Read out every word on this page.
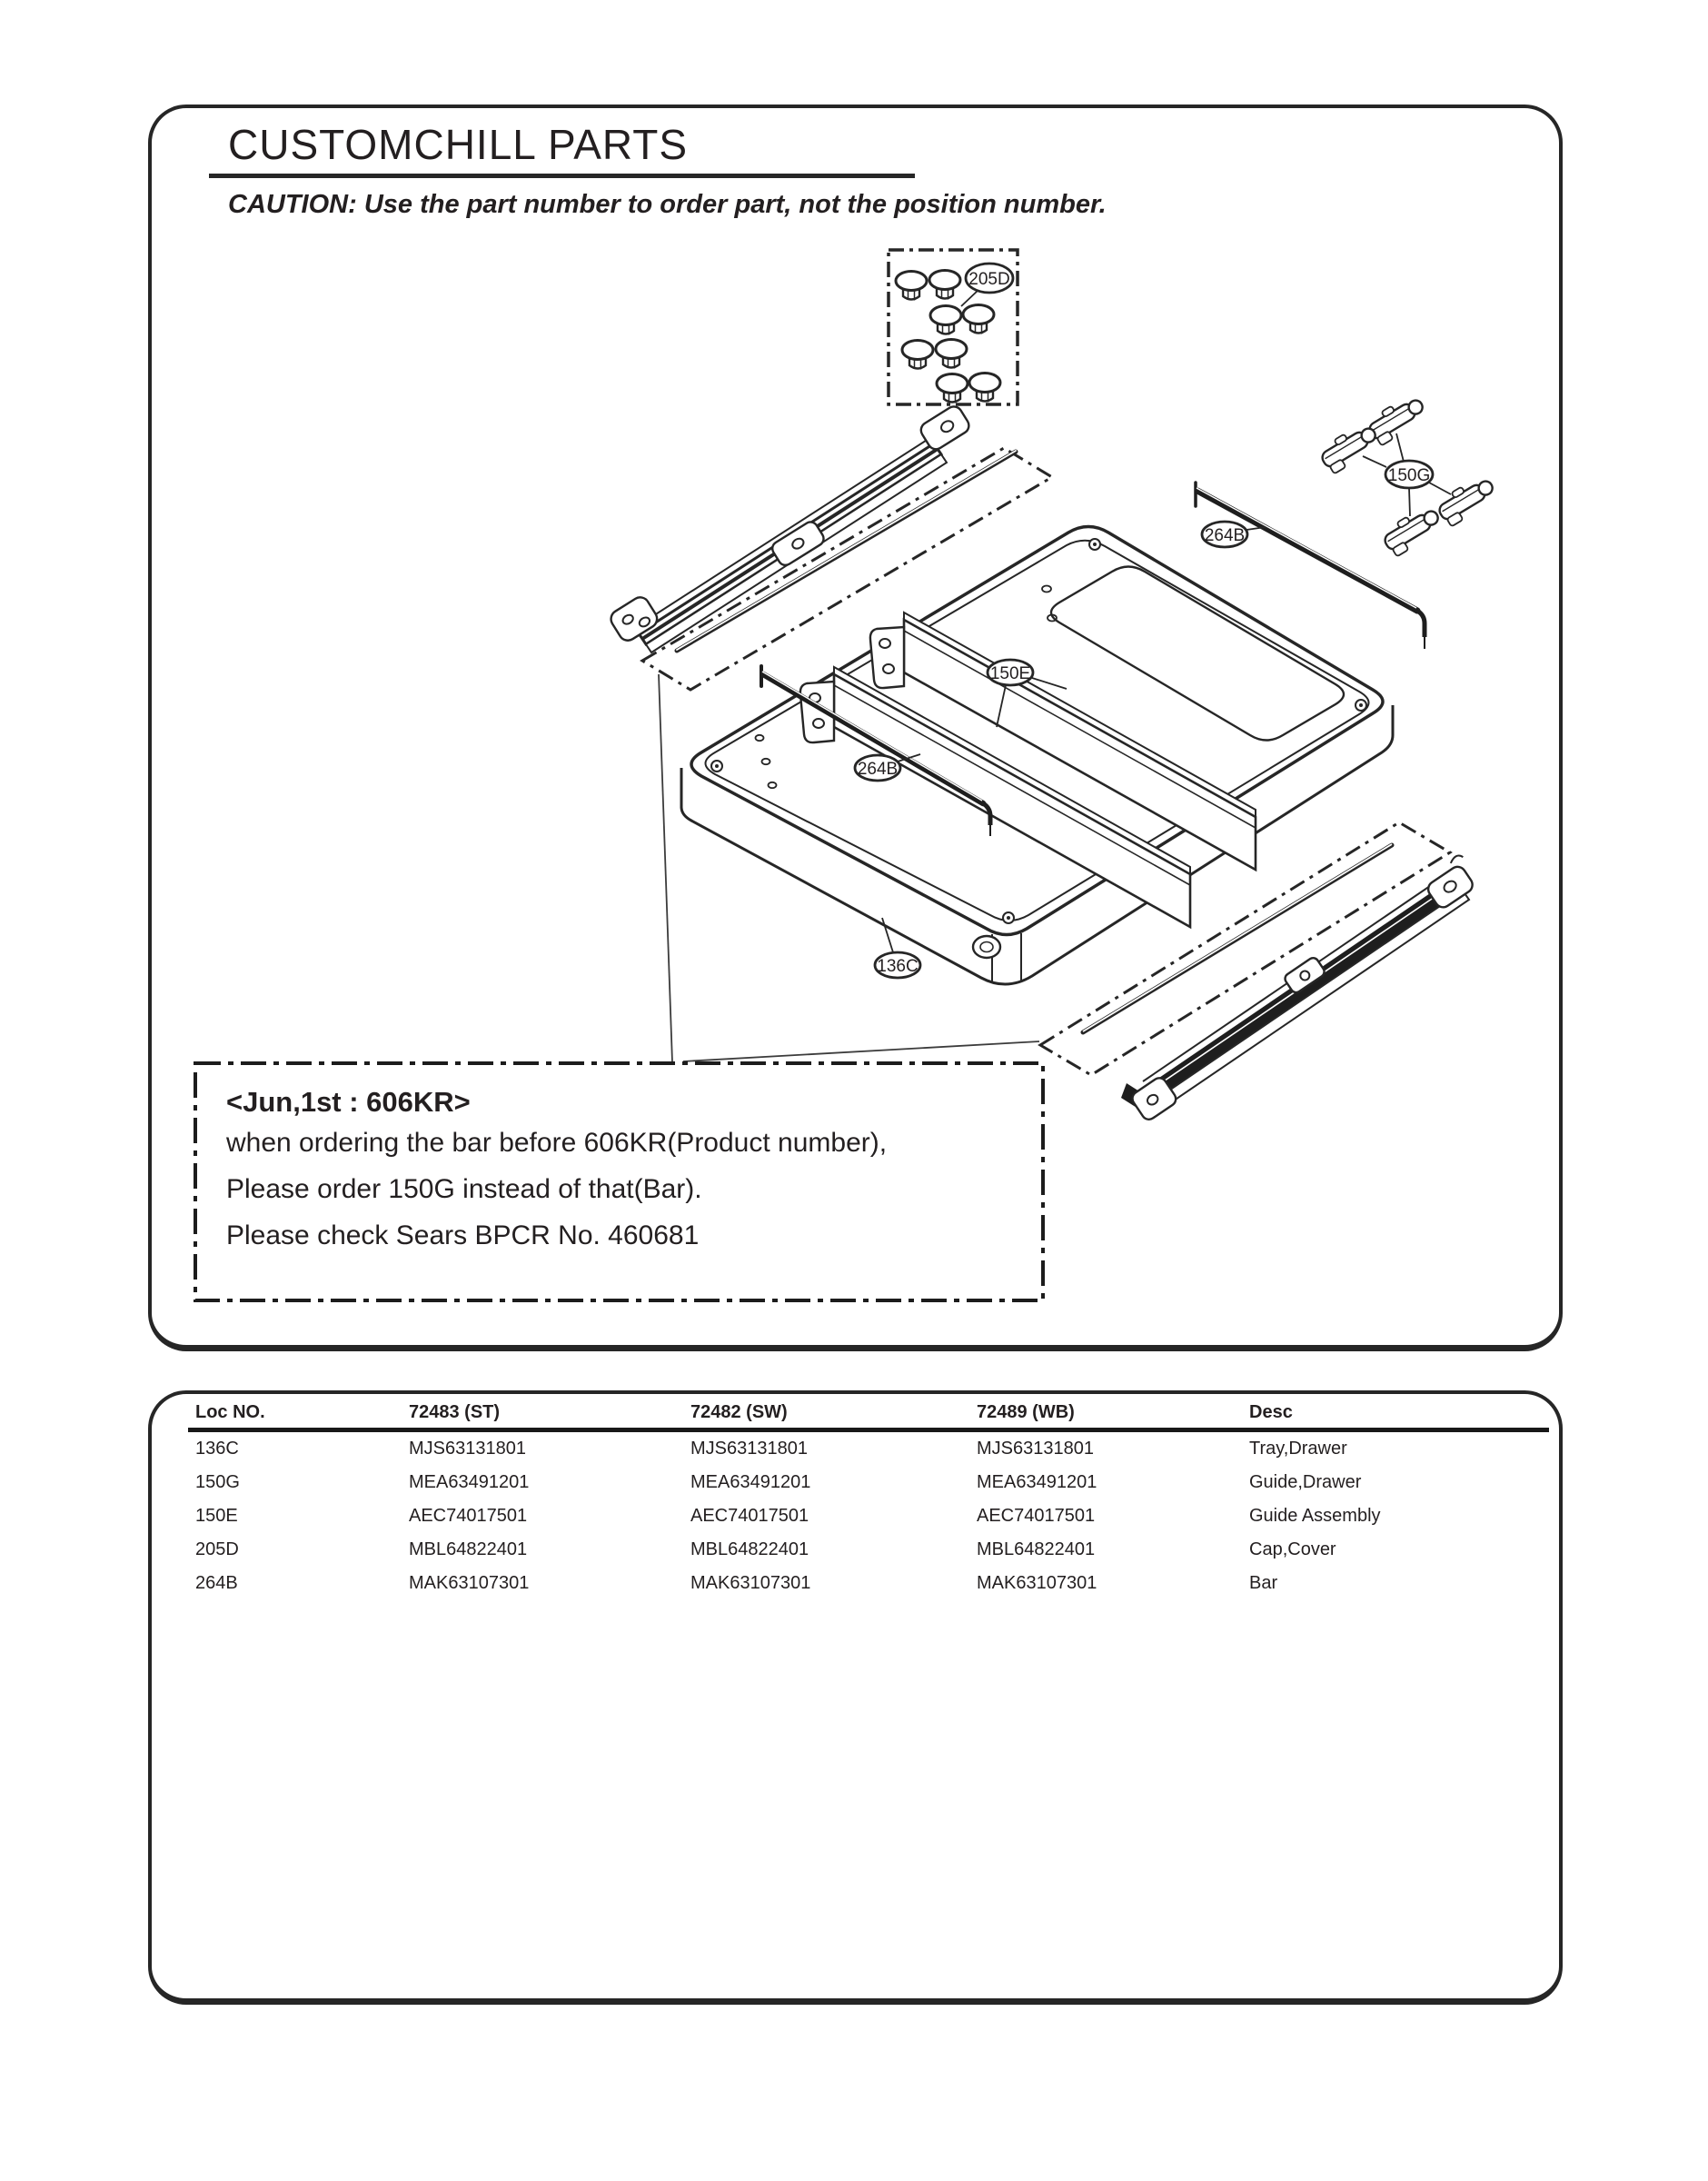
CUSTOMCHILL PARTS
CAUTION: Use the part number to order part, not the position number.
205D
150G
264B
150E
264B
136C
<Jun,1st : 606KR>
when ordering the bar before 606KR(Product number),
Please order 150G instead of that(Bar).
Please check Sears BPCR No. 460681
Loc NO.	72483 (ST)	72482 (SW)	72489 (WB)	Desc
136C	MJS63131801	MJS63131801	MJS63131801	Tray,Drawer
150G	MEA63491201	MEA63491201	MEA63491201	Guide,Drawer
150E	AEC74017501	AEC74017501	AEC74017501	Guide Assembly
205D	MBL64822401	MBL64822401	MBL64822401	Cap,Cover
264B	MAK63107301	MAK63107301	MAK63107301	Bar
